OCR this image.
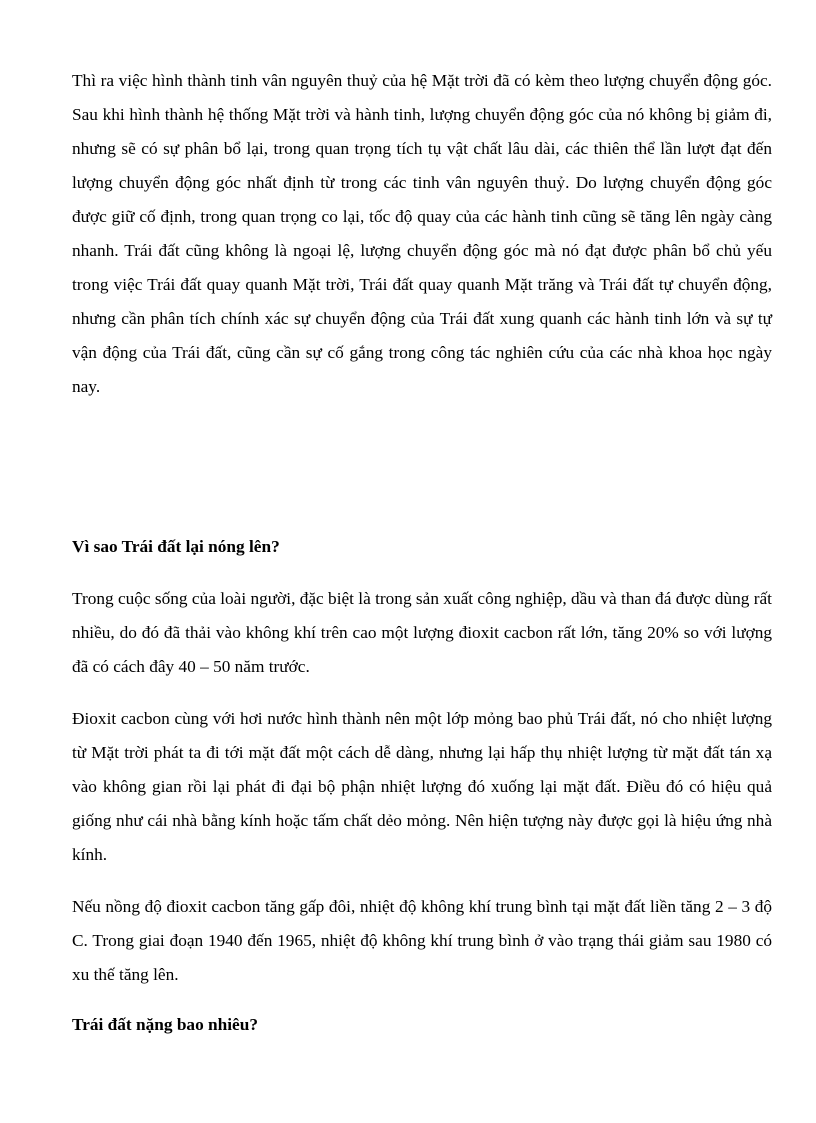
Thì ra việc hình thành tinh vân nguyên thuỷ của hệ Mặt trời đã có kèm theo lượng chuyển động góc. Sau khi hình thành hệ thống Mặt trời và hành tinh, lượng chuyển động góc của nó không bị giảm đi, nhưng sẽ có sự phân bổ lại, trong quan trọng tích tụ vật chất lâu dài, các thiên thể lần lượt đạt đến lượng chuyển động góc nhất định từ trong các tinh vân nguyên thuỷ. Do lượng chuyển động góc được giữ cố định, trong quan trọng co lại, tốc độ quay của các hành tinh cũng sẽ tăng lên ngày càng nhanh. Trái đất cũng không là ngoại lệ, lượng chuyển động góc mà nó đạt được phân bổ chủ yếu trong việc Trái đất quay quanh Mặt trời, Trái đất quay quanh Mặt trăng và Trái đất tự chuyển động, nhưng cần phân tích chính xác sự chuyển động của Trái đất xung quanh các hành tinh lớn và sự tự vận động của Trái đất, cũng cần sự cố gắng trong công tác nghiên cứu của các nhà khoa học ngày nay.

Vì sao Trái đất lại nóng lên?

Trong cuộc sống của loài người, đặc biệt là trong sản xuất công nghiệp, dầu và than đá được dùng rất nhiều, do đó đã thải vào không khí trên cao một lượng đioxit cacbon rất lớn, tăng 20% so với lượng đã có cách đây 40 – 50 năm trước.

Đioxit cacbon cùng với hơi nước hình thành nên một lớp mỏng bao phủ Trái đất, nó cho nhiệt lượng từ Mặt trời phát ta đi tới mặt đất một cách dễ dàng, nhưng lại hấp thụ nhiệt lượng từ mặt đất tán xạ vào không gian rồi lại phát đi đại bộ phận nhiệt lượng đó xuống lại mặt đất. Điều đó có hiệu quả giống như cái nhà bằng kính hoặc tấm chất dẻo mỏng. Nên hiện tượng này được gọi là hiệu ứng nhà kính.

Nếu nồng độ đioxit cacbon tăng gấp đôi, nhiệt độ không khí trung bình tại mặt đất liền tăng 2 – 3 độ C. Trong giai đoạn 1940 đến 1965, nhiệt độ không khí trung bình ở vào trạng thái giảm sau 1980 có xu thế tăng lên.

Trái đất nặng bao nhiêu?
